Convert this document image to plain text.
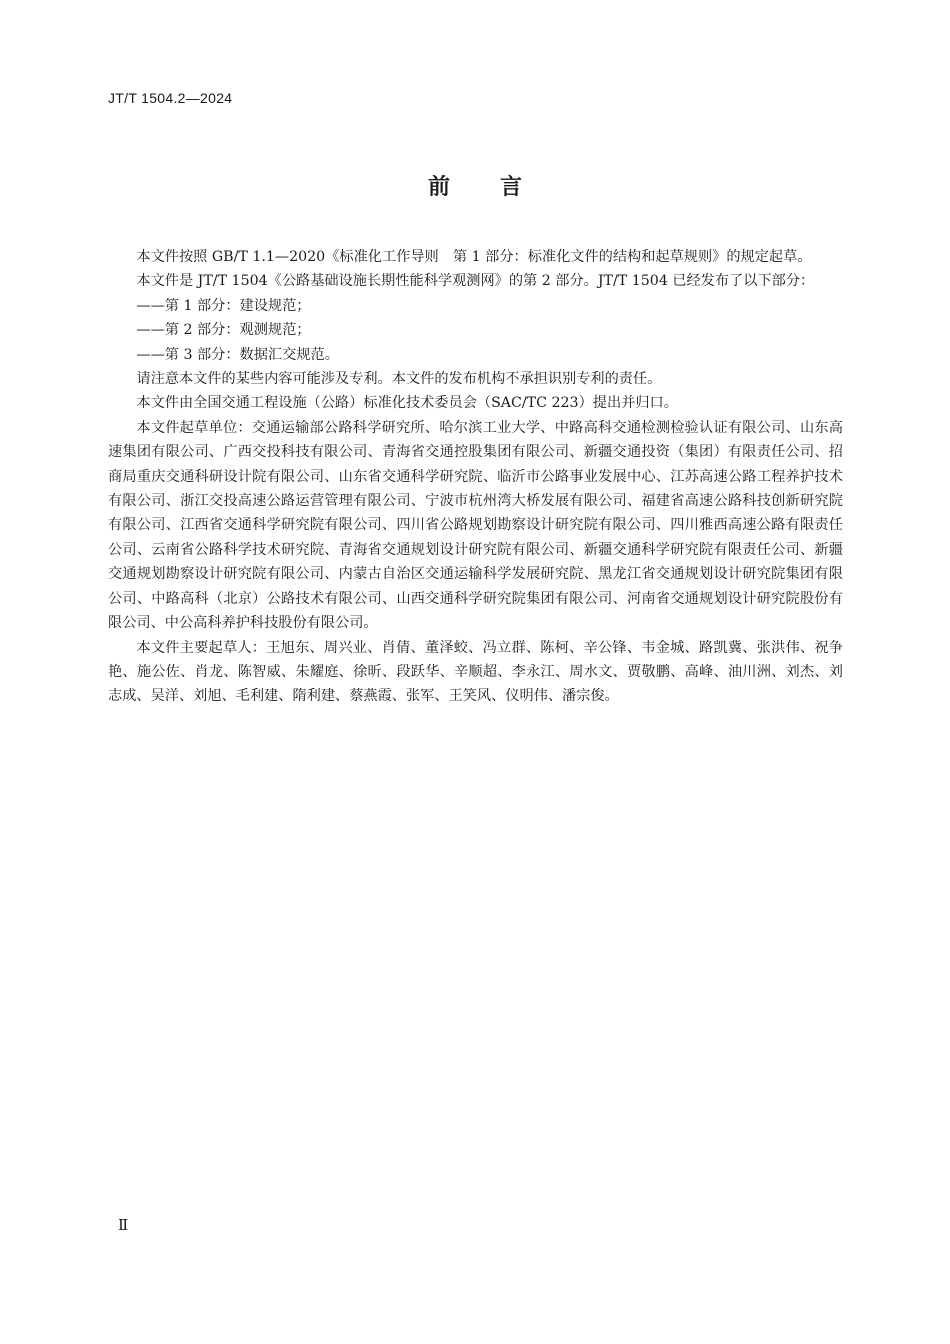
JT/T 1504.2—2024

前言

本文件按照 GB/T 1.1—2020《标准化工作导则　第 1 部分：标准化文件的结构和起草规则》的规定起草。

本文件是 JT/T 1504《公路基础设施长期性能科学观测网》的第 2 部分。JT/T 1504 已经发布了以下部分：

——第 1 部分：建设规范；

——第 2 部分：观测规范；

——第 3 部分：数据汇交规范。

请注意本文件的某些内容可能涉及专利。本文件的发布机构不承担识别专利的责任。

本文件由全国交通工程设施（公路）标准化技术委员会（SAC/TC 223）提出并归口。

本文件起草单位：交通运输部公路科学研究所、哈尔滨工业大学、中路高科交通检测检验认证有限公司、山东高速集团有限公司、广西交投科技有限公司、青海省交通控股集团有限公司、新疆交通投资（集团）有限责任公司、招商局重庆交通科研设计院有限公司、山东省交通科学研究院、临沂市公路事业发展中心、江苏高速公路工程养护技术有限公司、浙江交投高速公路运营管理有限公司、宁波市杭州湾大桥发展有限公司、福建省高速公路科技创新研究院有限公司、江西省交通科学研究院有限公司、四川省公路规划勘察设计研究院有限公司、四川雅西高速公路有限责任公司、云南省公路科学技术研究院、青海省交通规划设计研究院有限公司、新疆交通科学研究院有限责任公司、新疆交通规划勘察设计研究院有限公司、内蒙古自治区交通运输科学发展研究院、黑龙江省交通规划设计研究院集团有限公司、中路高科（北京）公路技术有限公司、山西交通科学研究院集团有限公司、河南省交通规划设计研究院股份有限公司、中公高科养护科技股份有限公司。

本文件主要起草人：王旭东、周兴业、肖倩、董泽蛟、冯立群、陈柯、辛公锋、韦金城、路凯冀、张洪伟、祝争艳、施公佐、肖龙、陈智威、朱耀庭、徐昕、段跃华、辛顺超、李永江、周水文、贾敬鹏、高峰、油川洲、刘杰、刘志成、吴洋、刘旭、毛利建、隋利建、蔡燕霞、张军、王笑风、仪明伟、潘宗俊。

Ⅱ
